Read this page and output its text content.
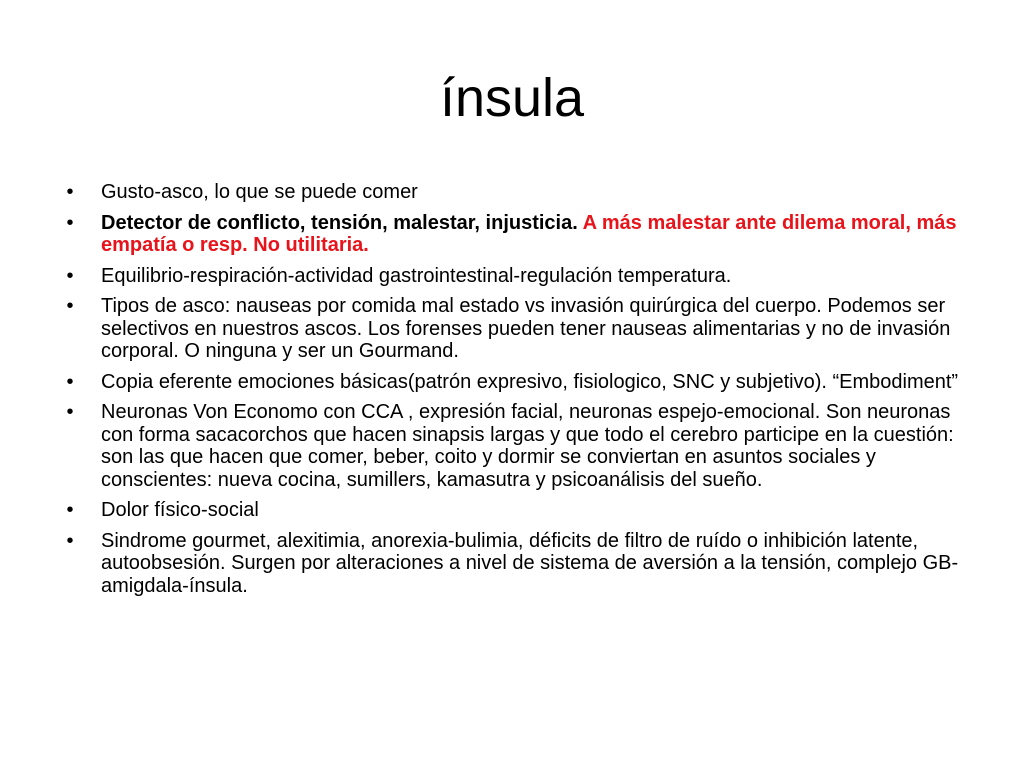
ínsula
•	Gusto-asco, lo que se puede comer
•	Detector de conflicto, tensión, malestar, injusticia. A más malestar ante dilema moral, más empatía o resp. No utilitaria.
•	Equilibrio-respiración-actividad gastrointestinal-regulación temperatura.
•	Tipos de asco: nauseas por comida mal estado vs invasión quirúrgica del cuerpo. Podemos ser selectivos en nuestros ascos. Los forenses pueden tener nauseas alimentarias y no de invasión corporal. O ninguna y ser un Gourmand.
•	Copia eferente emociones básicas(patrón expresivo, fisiologico, SNC y subjetivo). “Embodiment”
•	Neuronas Von Economo con CCA , expresión facial, neuronas espejo-emocional. Son neuronas con forma sacacorchos que hacen sinapsis largas y que todo el cerebro participe en la cuestión: son las que hacen que comer, beber, coito y dormir se conviertan en asuntos sociales y conscientes: nueva cocina, sumillers, kamasutra y psicoanálisis del sueño.
•	Dolor físico-social
•	Sindrome gourmet, alexitimia, anorexia-bulimia, déficits de filtro de ruído o inhibición latente, autoobsesión. Surgen por alteraciones a nivel de sistema de aversión a la tensión, complejo GB-amigdala-ínsula.
